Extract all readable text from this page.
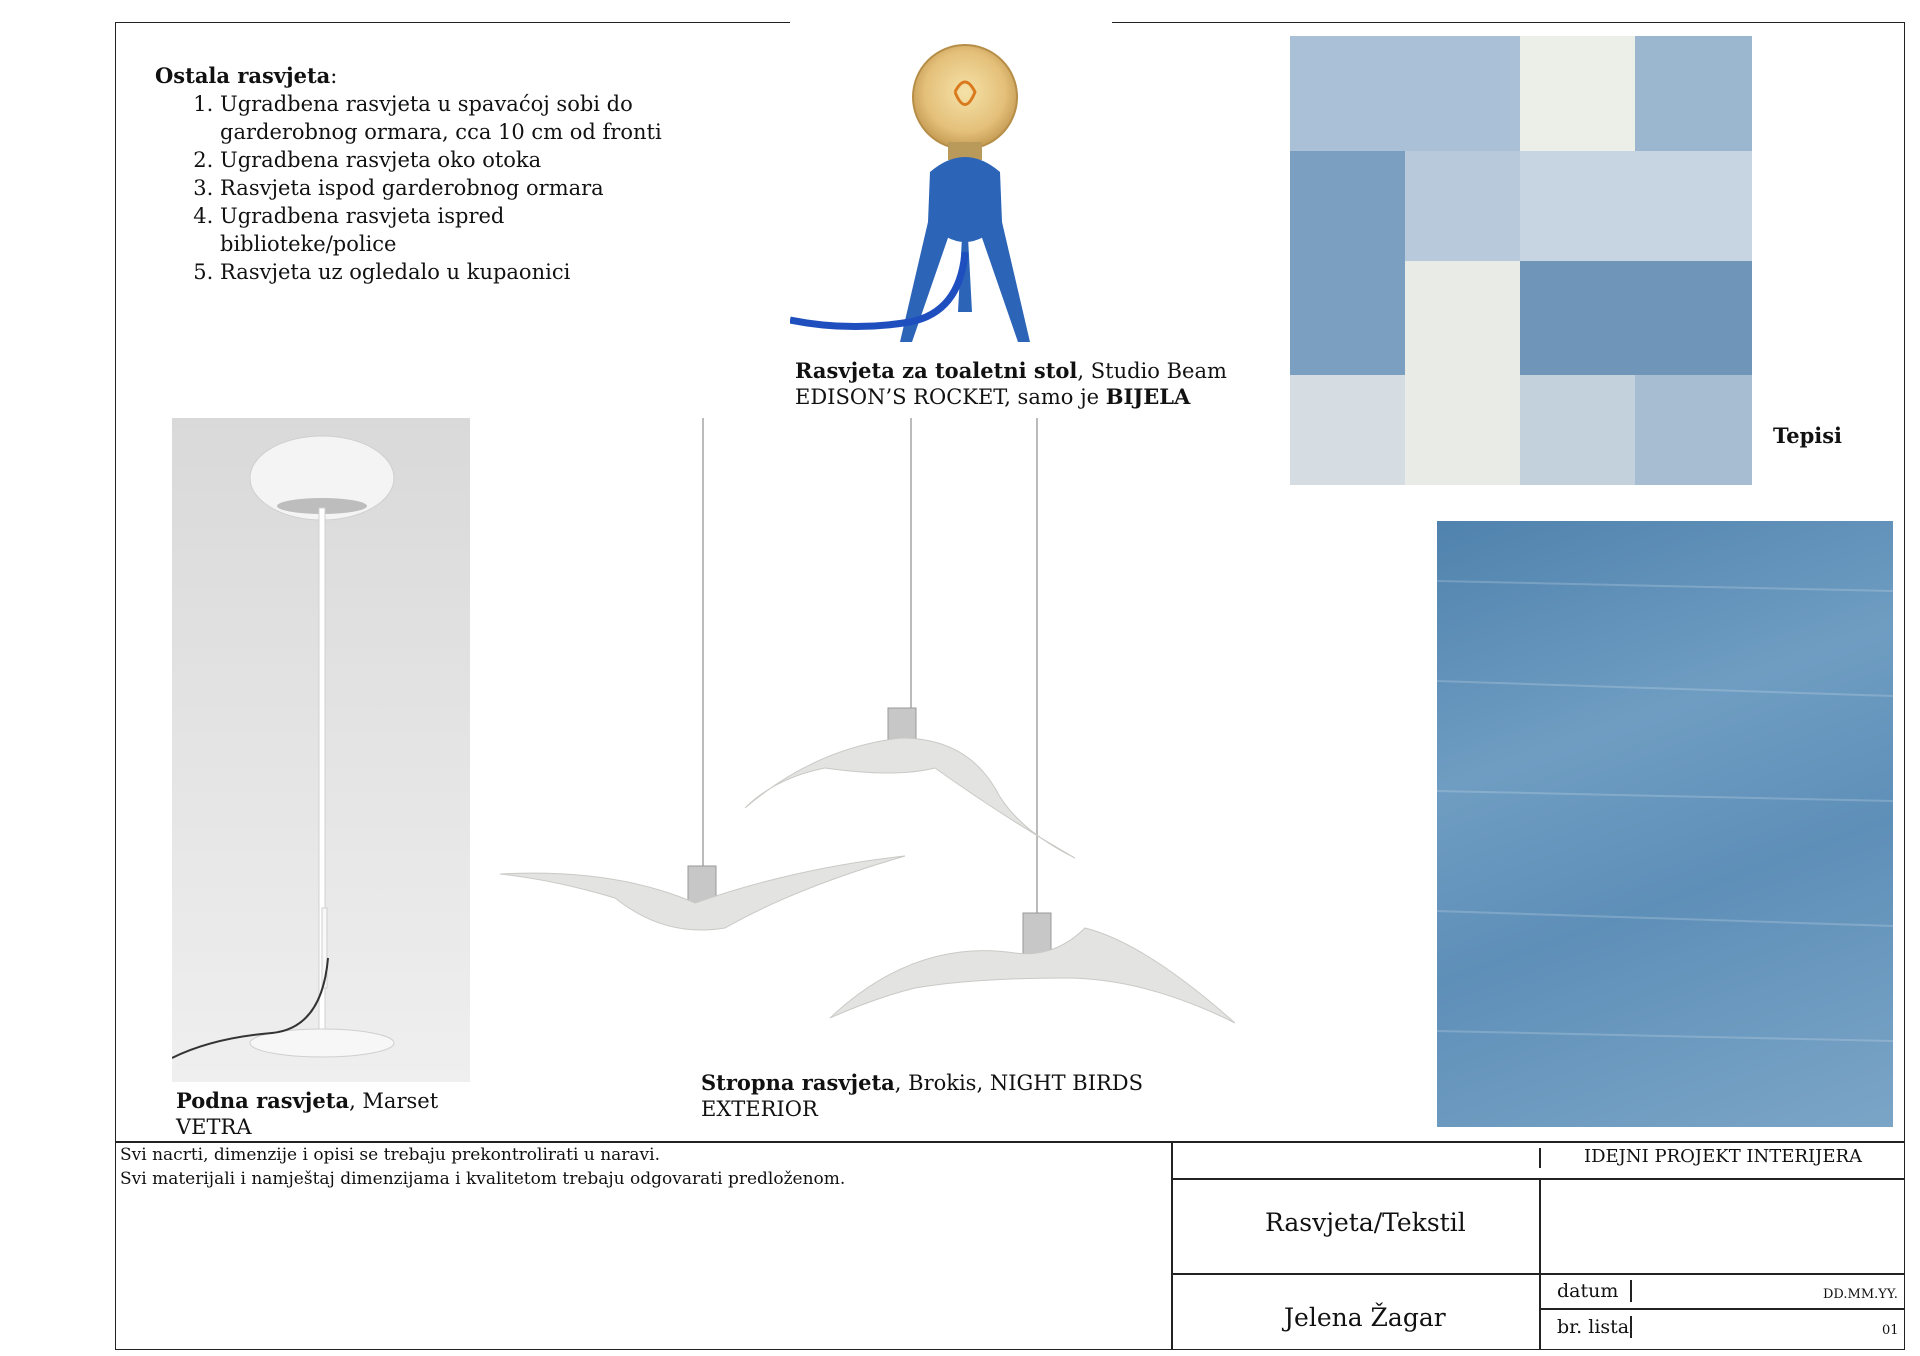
Ostala rasvjeta:
1. Ugradbena rasvjeta u spavaćoj sobi do garderobnog ormara, cca 10 cm od fronti
2. Ugradbena rasvjeta oko otoka
3. Rasvjeta ispod garderobnog ormara
4. Ugradbena rasvjeta ispred biblioteke/police
5. Rasvjeta uz ogledalo u kupaonici
Rasvjeta za toaletni stol, Studio Beam
EDISON’S ROCKET, samo je BIJELA
Tepisi
Podna rasvjeta, Marset
VETRA
Stropna rasvjeta, Brokis, NIGHT BIRDS
EXTERIOR
Svi nacrti, dimenzije i opisi se trebaju prekontrolirati u naravi.
Svi materijali i namještaj dimenzijama i kvalitetom trebaju odgovarati predloženom.
IDEJNI PROJEKT INTERIJERA
Rasvjeta/Tekstil
Jelena Žagar
datum	DD.MM.YY.
br. lista	01
